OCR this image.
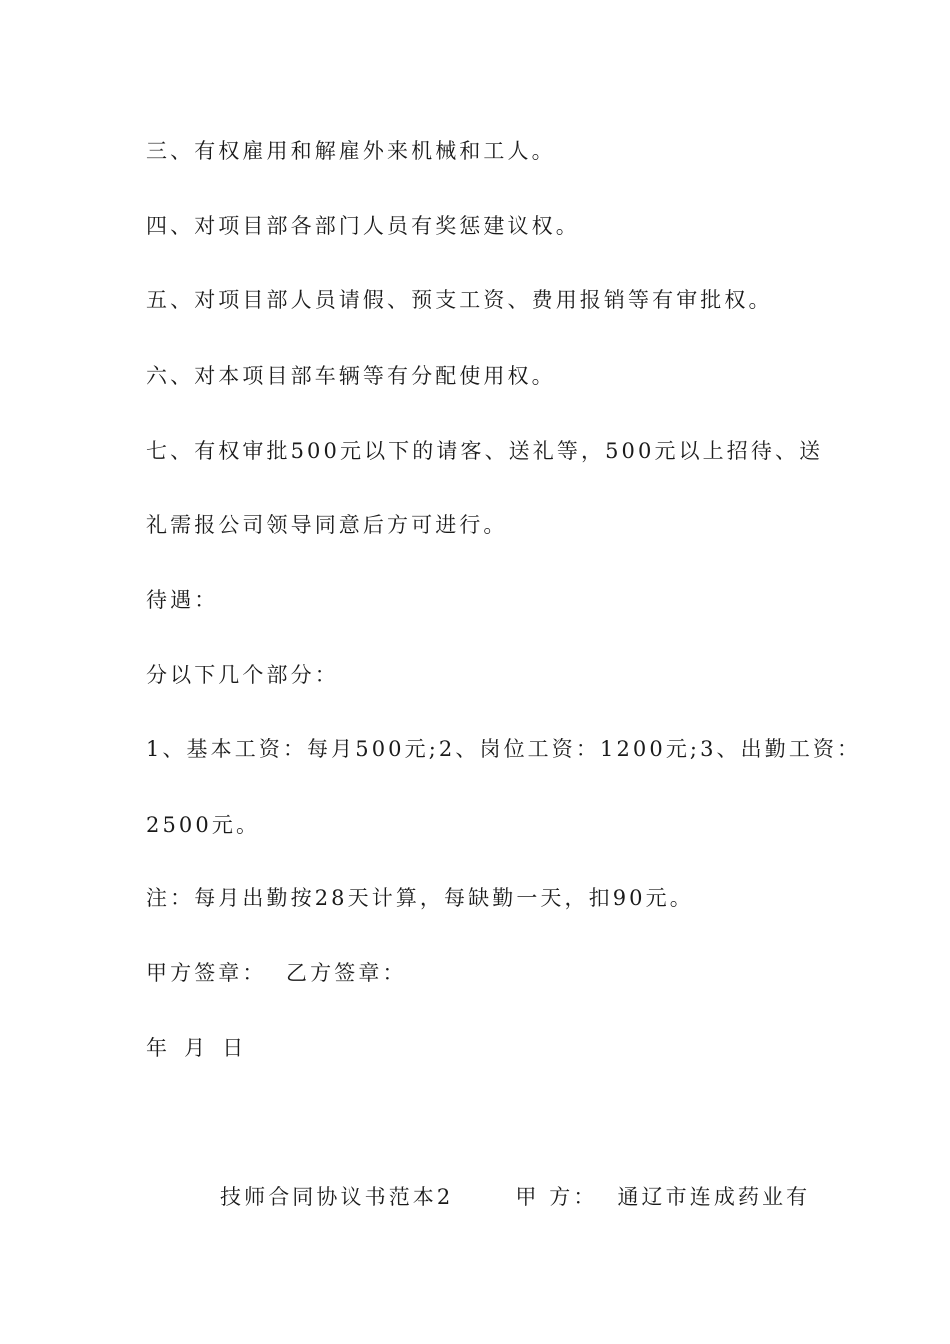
三、有权雇用和解雇外来机械和工人。
四、对项目部各部门人员有奖惩建议权。
五、对项目部人员请假、预支工资、费用报销等有审批权。
六、对本项目部车辆等有分配使用权。
七、有权审批500元以下的请客、送礼等，500元以上招待、送
礼需报公司领导同意后方可进行。
待遇：
分以下几个部分：
1、基本工资：每月500元;2、岗位工资：1200元;3、出勤工资：
2500元。
注：每月出勤按28天计算，每缺勤一天，扣90元。
甲方签章：  乙方签章：
年 月 日
技师合同协议书范本2	甲 方： 通辽市连成药业有
